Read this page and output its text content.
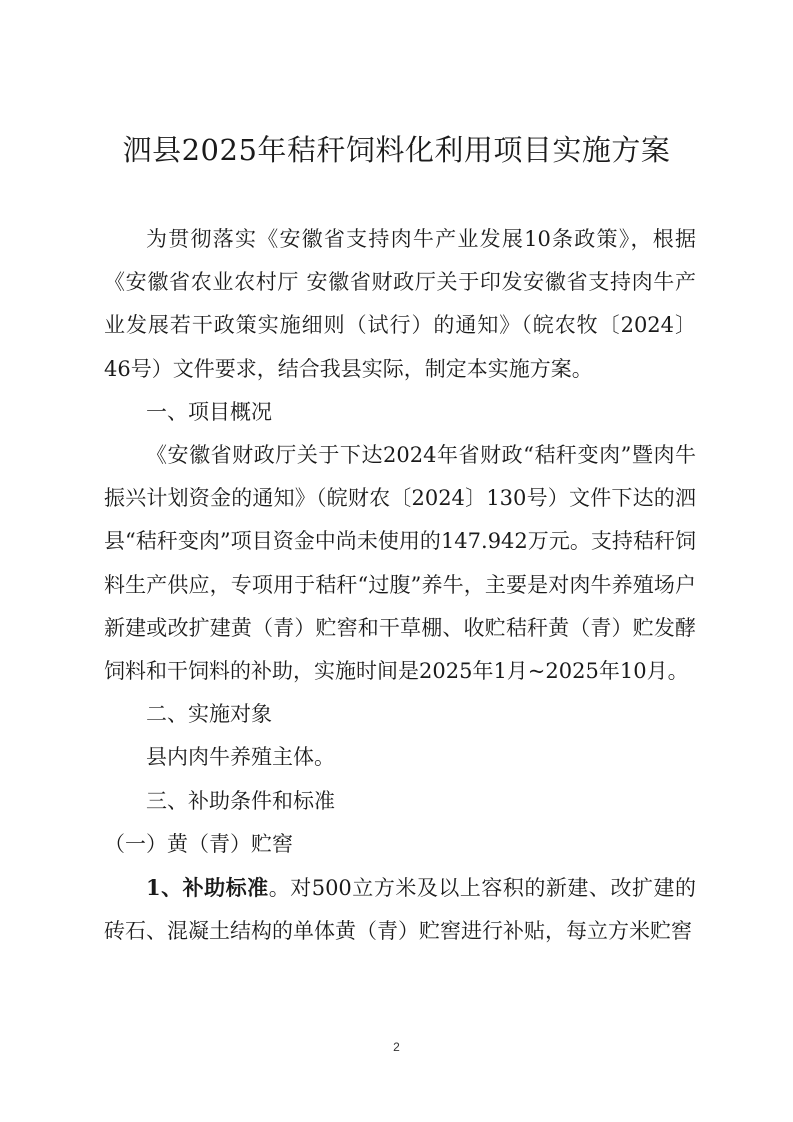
泗县2025年秸秆饲料化利用项目实施方案

为贯彻落实《安徽省支持肉牛产业发展10条政策》，根据《安徽省农业农村厅 安徽省财政厅关于印发安徽省支持肉牛产业发展若干政策实施细则（试行）的通知》（皖农牧〔2024〕46号）文件要求，结合我县实际，制定本实施方案。

一、项目概况

《安徽省财政厅关于下达2024年省财政“秸秆变肉”暨肉牛振兴计划资金的通知》（皖财农〔2024〕130号）文件下达的泗县“秸秆变肉”项目资金中尚未使用的147.942万元。支持秸秆饲料生产供应，专项用于秸秆“过腹”养牛，主要是对肉牛养殖场户新建或改扩建黄（青）贮窖和干草棚、收贮秸秆黄（青）贮发酵饲料和干饲料的补助，实施时间是2025年1月~2025年10月。

二、实施对象

县内肉牛养殖主体。

三、补助条件和标准

（一）黄（青）贮窖

1、补助标准。对500立方米及以上容积的新建、改扩建的砖石、混凝土结构的单体黄（青）贮窖进行补贴，每立方米贮窖

2
